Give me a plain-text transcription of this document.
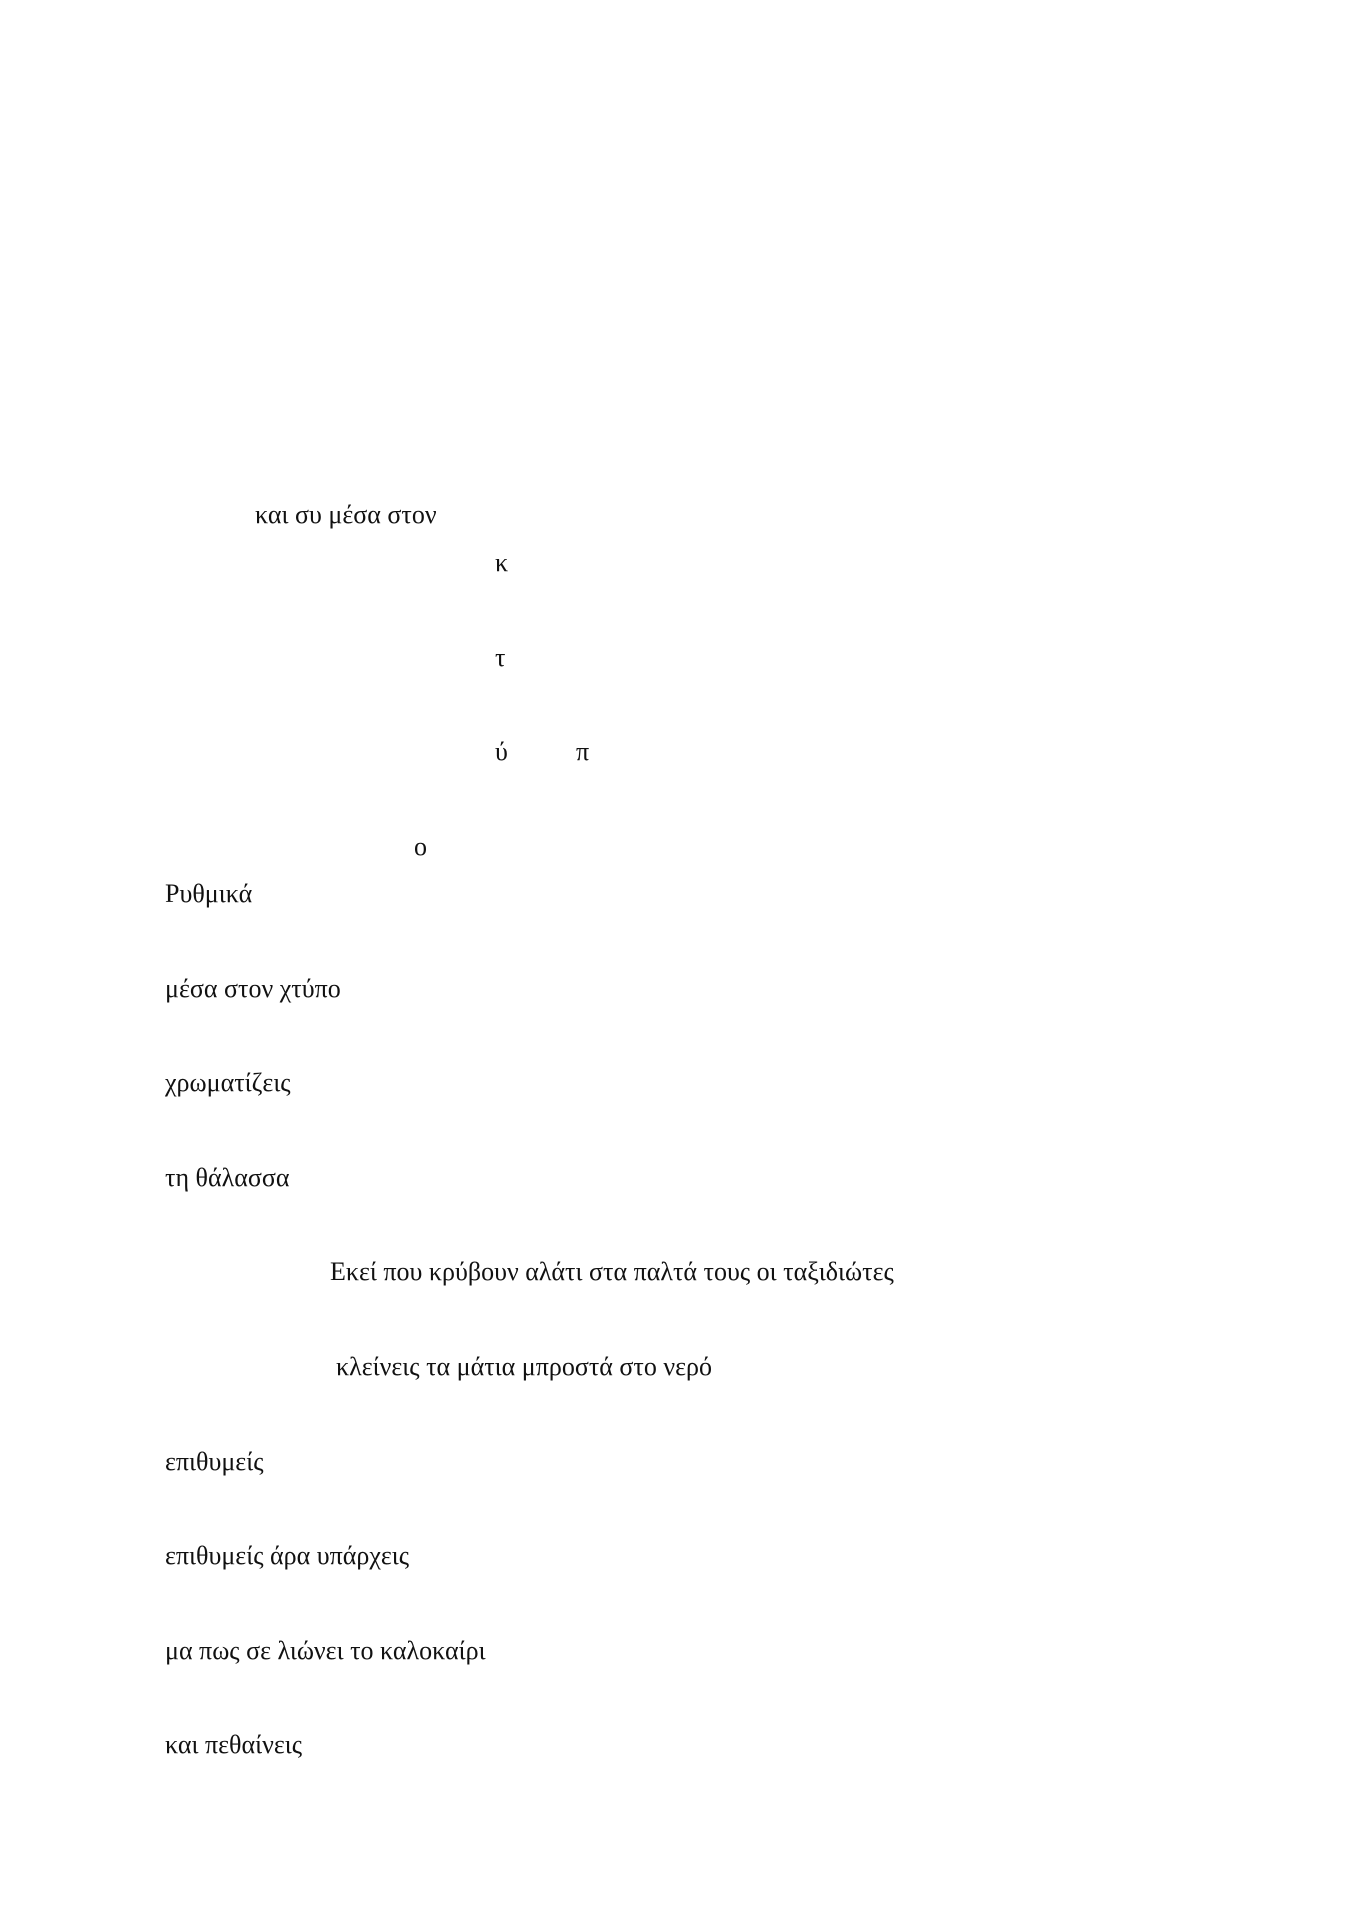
και συ μέσα στον

κ

τ

ύ	π

ο

Ρυθμικά

μέσα στον χτύπο

χρωματίζεις

τη θάλασσα

Εκεί που κρύβουν αλάτι στα παλτά τους οι ταξιδιώτες

κλείνεις τα μάτια μπροστά στο νερό

επιθυμείς

επιθυμείς άρα υπάρχεις

μα πως σε λιώνει το καλοκαίρι

και πεθαίνεις
